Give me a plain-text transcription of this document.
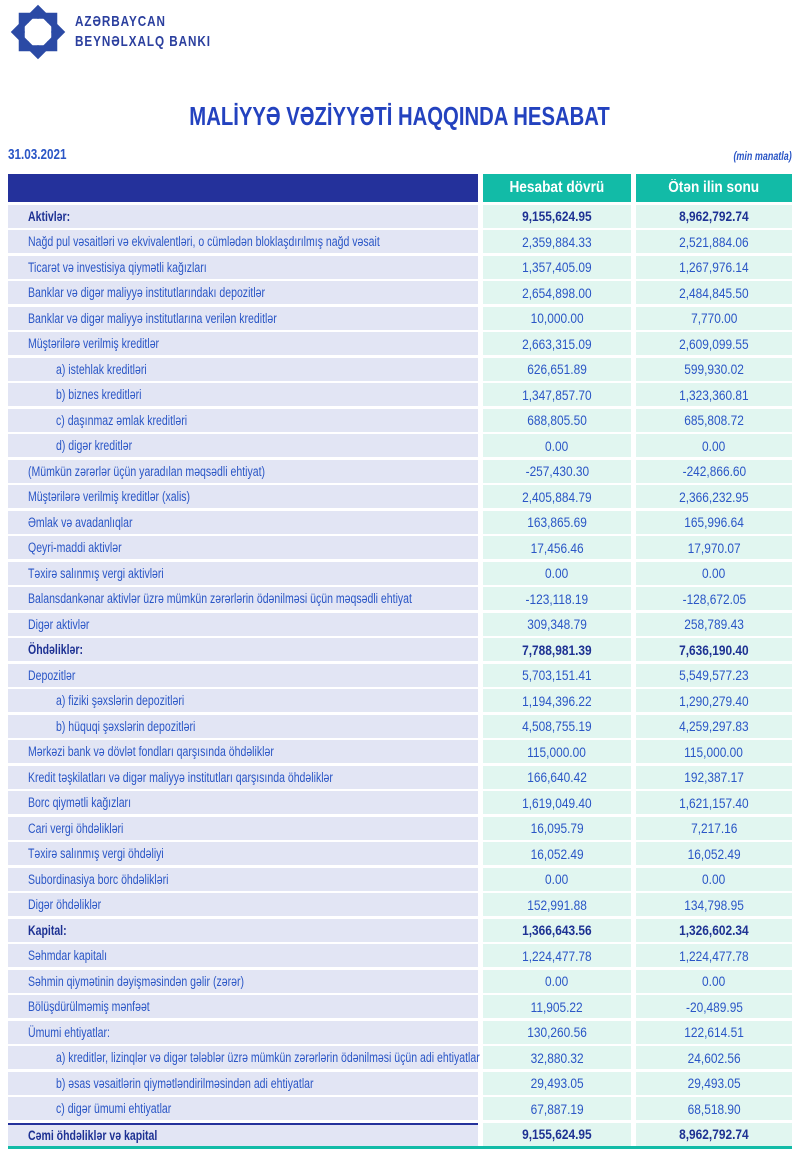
AZƏRBAYCAN
BEYNƏLXALQ BANKI
MALİYYƏ VƏZİYYƏTİ HAQQINDA HESABAT
31.03.2021	(min manatla)
Hesabat dövrü	Ötən ilin sonu
Aktivlər:	9,155,624.95	8,962,792.74
Nağd pul vəsaitləri və ekvivalentləri, o cümlədən bloklaşdırılmış nağd vəsait	2,359,884.33	2,521,884.06
Ticarət və investisiya qiymətli kağızları	1,357,405.09	1,267,976.14
Banklar və digər maliyyə institutlarındakı depozitlər	2,654,898.00	2,484,845.50
Banklar və digər maliyyə institutlarına verilən kreditlər	10,000.00	7,770.00
Müştərilərə verilmiş kreditlər	2,663,315.09	2,609,099.55
a) istehlak kreditləri	626,651.89	599,930.02
b) biznes kreditləri	1,347,857.70	1,323,360.81
c) daşınmaz əmlak kreditləri	688,805.50	685,808.72
d) digər kreditlər	0.00	0.00
(Mümkün zərərlər üçün yaradılan məqsədli ehtiyat)	-257,430.30	-242,866.60
Müştərilərə verilmiş kreditlər (xalis)	2,405,884.79	2,366,232.95
Əmlak və avadanlıqlar	163,865.69	165,996.64
Qeyri-maddi aktivlər	17,456.46	17,970.07
Təxirə salınmış vergi aktivləri	0.00	0.00
Balansdankənar aktivlər üzrə mümkün zərərlərin ödənilməsi üçün məqsədli ehtiyat	-123,118.19	-128,672.05
Digər aktivlər	309,348.79	258,789.43
Öhdəliklər:	7,788,981.39	7,636,190.40
Depozitlər	5,703,151.41	5,549,577.23
a) fiziki şəxslərin depozitləri	1,194,396.22	1,290,279.40
b) hüquqi şəxslərin depozitləri	4,508,755.19	4,259,297.83
Mərkəzi bank və dövlət fondları qarşısında öhdəliklər	115,000.00	115,000.00
Kredit təşkilatları və digər maliyyə institutları qarşısında öhdəliklər	166,640.42	192,387.17
Borc qiymətli kağızları	1,619,049.40	1,621,157.40
Cari vergi öhdəlikləri	16,095.79	7,217.16
Təxirə salınmış vergi öhdəliyi	16,052.49	16,052.49
Subordinasiya borc öhdəlikləri	0.00	0.00
Digər öhdəliklər	152,991.88	134,798.95
Kapital:	1,366,643.56	1,326,602.34
Səhmdar kapitalı	1,224,477.78	1,224,477.78
Səhmin qiymətinin dəyişməsindən gəlir (zərər)	0.00	0.00
Bölüşdürülməmiş mənfəət	11,905.22	-20,489.95
Ümumi ehtiyatlar:	130,260.56	122,614.51
a) kreditlər, lizinqlər və digər tələblər üzrə mümkün zərərlərin ödənilməsi üçün adi ehtiyatlar	32,880.32	24,602.56
b) əsas vəsaitlərin qiymətləndirilməsindən adi ehtiyatlar	29,493.05	29,493.05
c) digər ümumi ehtiyatlar	67,887.19	68,518.90
Cəmi öhdəliklər və kapital	9,155,624.95	8,962,792.74
